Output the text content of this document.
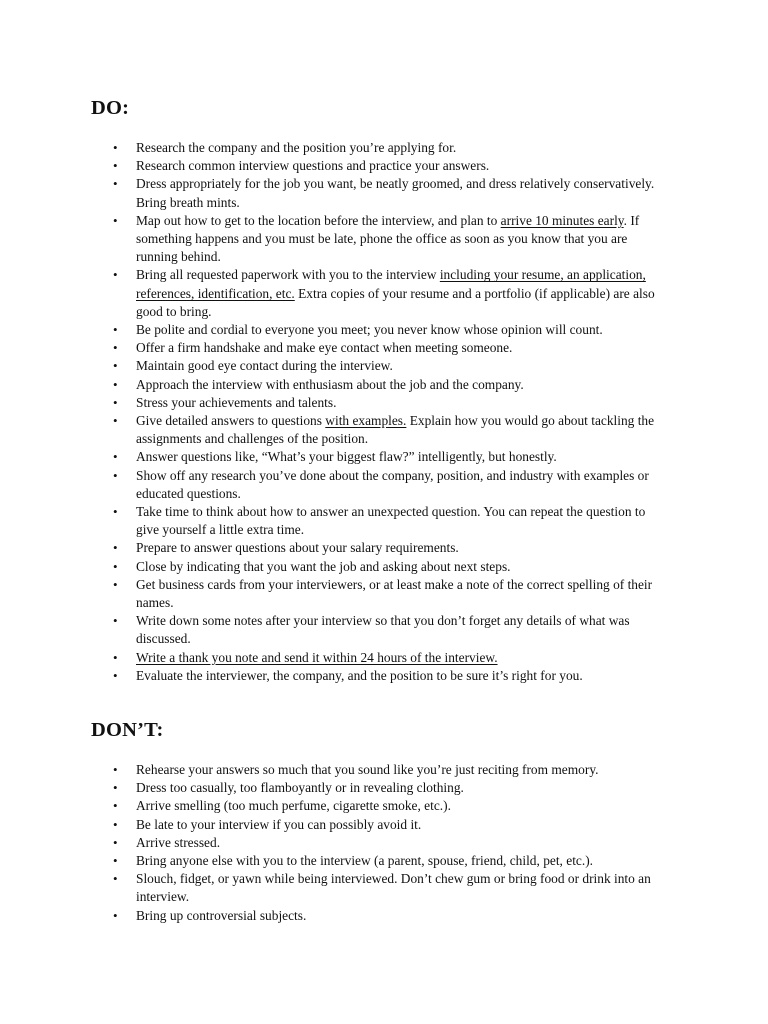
DO:
• Research the company and the position you’re applying for.
• Research common interview questions and practice your answers.
• Dress appropriately for the job you want, be neatly groomed, and dress relatively conservatively. Bring breath mints.
• Map out how to get to the location before the interview, and plan to arrive 10 minutes early. If something happens and you must be late, phone the office as soon as you know that you are running behind.
• Bring all requested paperwork with you to the interview including your resume, an application, references, identification, etc. Extra copies of your resume and a portfolio (if applicable) are also good to bring.
• Be polite and cordial to everyone you meet; you never know whose opinion will count.
• Offer a firm handshake and make eye contact when meeting someone.
• Maintain good eye contact during the interview.
• Approach the interview with enthusiasm about the job and the company.
• Stress your achievements and talents.
• Give detailed answers to questions with examples. Explain how you would go about tackling the assignments and challenges of the position.
• Answer questions like, “What’s your biggest flaw?” intelligently, but honestly.
• Show off any research you’ve done about the company, position, and industry with examples or educated questions.
• Take time to think about how to answer an unexpected question. You can repeat the question to give yourself a little extra time.
• Prepare to answer questions about your salary requirements.
• Close by indicating that you want the job and asking about next steps.
• Get business cards from your interviewers, or at least make a note of the correct spelling of their names.
• Write down some notes after your interview so that you don’t forget any details of what was discussed.
• Write a thank you note and send it within 24 hours of the interview.
• Evaluate the interviewer, the company, and the position to be sure it’s right for you.
DON’T:
• Rehearse your answers so much that you sound like you’re just reciting from memory.
• Dress too casually, too flamboyantly or in revealing clothing.
• Arrive smelling (too much perfume, cigarette smoke, etc.).
• Be late to your interview if you can possibly avoid it.
• Arrive stressed.
• Bring anyone else with you to the interview (a parent, spouse, friend, child, pet, etc.).
• Slouch, fidget, or yawn while being interviewed. Don’t chew gum or bring food or drink into an interview.
• Bring up controversial subjects.
